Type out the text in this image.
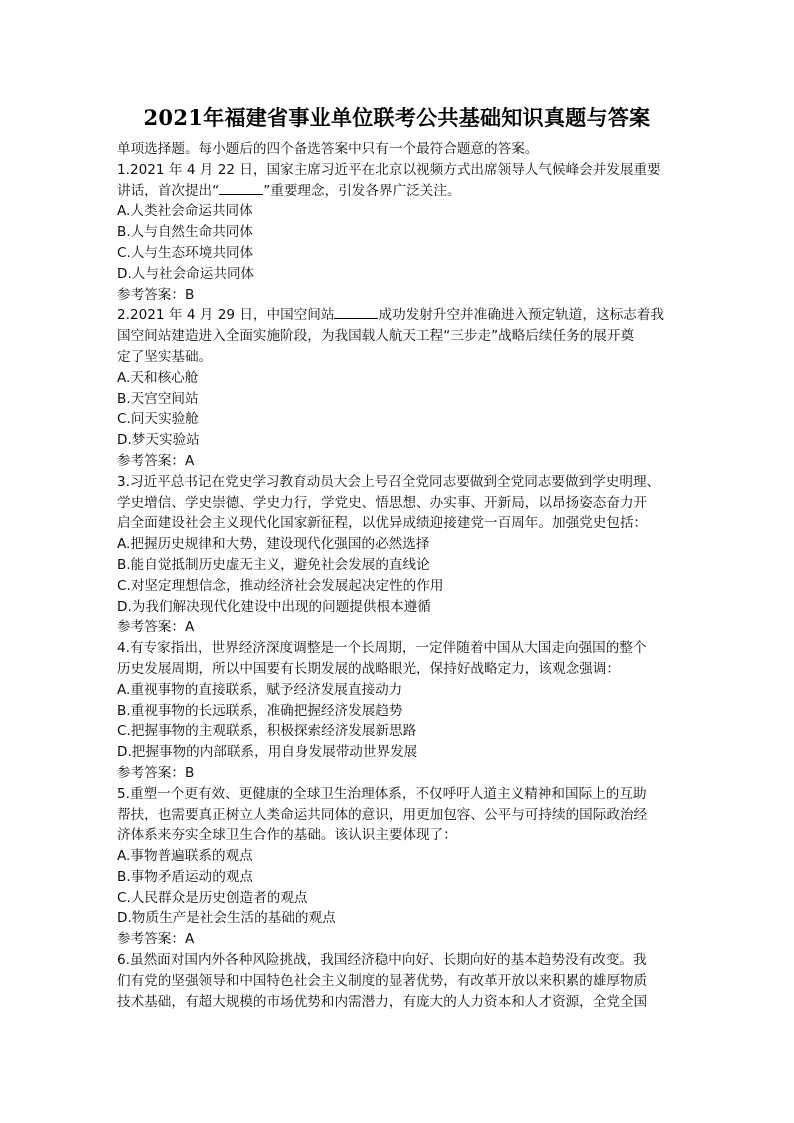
2021年福建省事业单位联考公共基础知识真题与答案
单项选择题。每小题后的四个备选答案中只有一个最符合题意的答案。
1.2021 年 4 月 22 日，国家主席习近平在北京以视频方式出席领导人气候峰会并发展重要
讲话，首次提出“	”重要理念，引发各界广泛关注。
A.人类社会命运共同体
B.人与自然生命共同体
C.人与生态环境共同体
D.人与社会命运共同体
参考答案：B
2.2021 年 4 月 29 日，中国空间站	成功发射升空并准确进入预定轨道，这标志着我
国空间站建造进入全面实施阶段，为我国载人航天工程“三步走”战略后续任务的展开奠
定了坚实基础。
A.天和核心舱
B.天宫空间站
C.问天实验舱
D.梦天实验站
参考答案：A
3.习近平总书记在党史学习教育动员大会上号召全党同志要做到全党同志要做到学史明理、
学史增信、学史崇德、学史力行，学党史、悟思想、办实事、开新局，以昂扬姿态奋力开
启全面建设社会主义现代化国家新征程，以优异成绩迎接建党一百周年。加强党史包括：
A.把握历史规律和大势，建设现代化强国的必然选择
B.能自觉抵制历史虚无主义，避免社会发展的直线论
C.对坚定理想信念，推动经济社会发展起决定性的作用
D.为我们解决现代化建设中出现的问题提供根本遵循
参考答案：A
4.有专家指出，世界经济深度调整是一个长周期，一定伴随着中国从大国走向强国的整个
历史发展周期，所以中国要有长期发展的战略眼光，保持好战略定力，该观念强调：
A.重视事物的直接联系，赋予经济发展直接动力
B.重视事物的长远联系，准确把握经济发展趋势
C.把握事物的主观联系，积极探索经济发展新思路
D.把握事物的内部联系，用自身发展带动世界发展
参考答案：B
5.重塑一个更有效、更健康的全球卫生治理体系，不仅呼吁人道主义精神和国际上的互助
帮扶，也需要真正树立人类命运共同体的意识，用更加包容、公平与可持续的国际政治经
济体系来夯实全球卫生合作的基础。该认识主要体现了：
A.事物普遍联系的观点
B.事物矛盾运动的观点
C.人民群众是历史创造者的观点
D.物质生产是社会生活的基础的观点
参考答案：A
6.虽然面对国内外各种风险挑战，我国经济稳中向好、长期向好的基本趋势没有改变。我
们有党的坚强领导和中国特色社会主义制度的显著优势，有改革开放以来积累的雄厚物质
技术基础，有超大规模的市场优势和内需潜力，有庞大的人力资本和人才资源，全党全国
